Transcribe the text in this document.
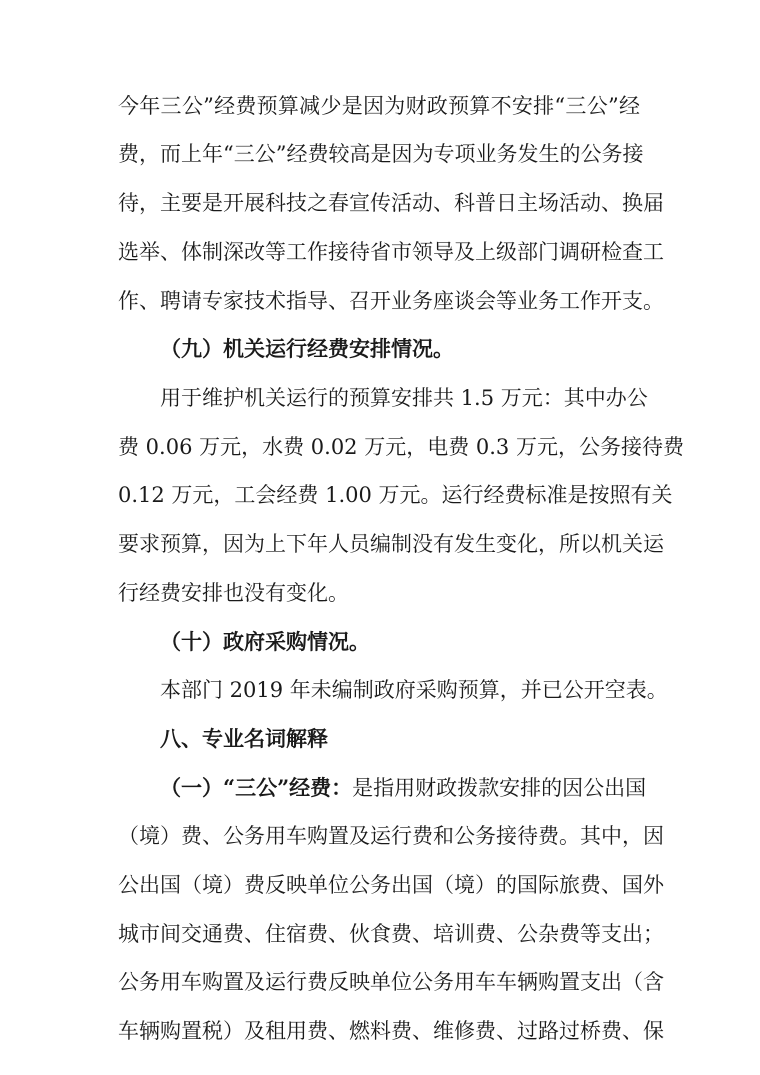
今年三公”经费预算减少是因为财政预算不安排“三公”经
费，而上年“三公”经费较高是因为专项业务发生的公务接
待，主要是开展科技之春宣传活动、科普日主场活动、换届
选举、体制深改等工作接待省市领导及上级部门调研检查工
作、聘请专家技术指导、召开业务座谈会等业务工作开支。
（九）机关运行经费安排情况。
用于维护机关运行的预算安排共 1.5 万元：其中办公
费 0.06 万元，水费 0.02 万元，电费 0.3 万元，公务接待费
0.12 万元，工会经费 1.00 万元。运行经费标准是按照有关
要求预算，因为上下年人员编制没有发生变化，所以机关运
行经费安排也没有变化。
（十）政府采购情况。
本部门 2019 年未编制政府采购预算，并已公开空表。
八、专业名词解释
（一）“三公”经费：是指用财政拨款安排的因公出国
（境）费、公务用车购置及运行费和公务接待费。其中，因
公出国（境）费反映单位公务出国（境）的国际旅费、国外
城市间交通费、住宿费、伙食费、培训费、公杂费等支出；
公务用车购置及运行费反映单位公务用车车辆购置支出（含
车辆购置税）及租用费、燃料费、维修费、过路过桥费、保
